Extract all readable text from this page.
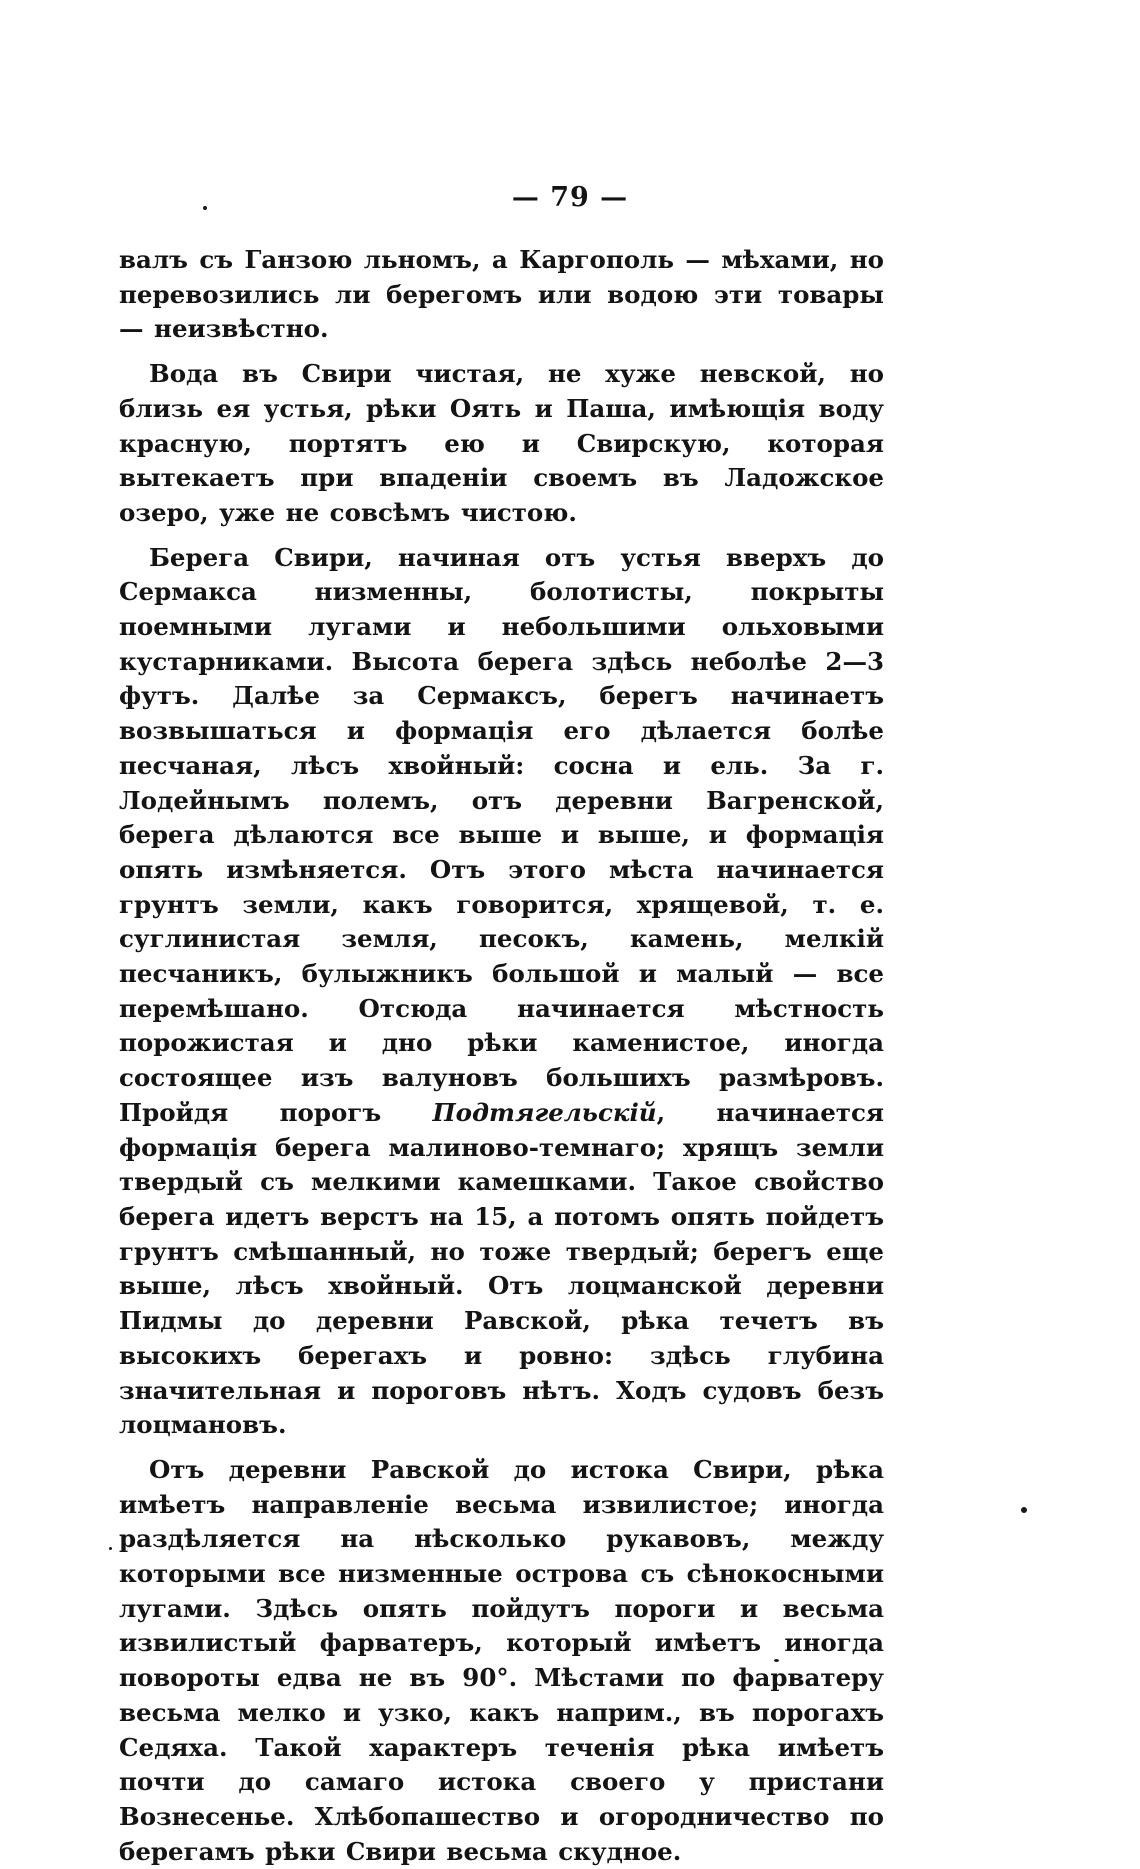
— 79 —

валъ съ Ганзою льномъ, а Каргополь — мѣхами, но перевозились ли берегомъ или водою эти товары — неизвѣстно.

Вода въ Свири чистая, не хуже невской, но близь ея устья, рѣки Оять и Паша, имѣющія воду красную, портятъ ею и Свирскую, которая вытекаетъ при впаденіи своемъ въ Ладожское озеро, уже не совсѣмъ чистою.

Берега Свири, начиная отъ устья вверхъ до Сермакса низменны, болотисты, покрыты поемными лугами и небольшими ольховыми кустарниками. Высота берега здѣсь неболѣе 2—3 футъ. Далѣе за Сермаксъ, берегъ начинаетъ возвышаться и формація его дѣлается болѣе песчаная, лѣсъ хвойный: сосна и ель. За г. Лодейнымъ полемъ, отъ деревни Вагренской, берега дѣлаются все выше и выше, и формація опять измѣняется. Отъ этого мѣста начинается грунтъ земли, какъ говорится, хрящевой, т. е. суглинистая земля, песокъ, камень, мелкій песчаникъ, булыжникъ большой и малый — все перемѣшано. Отсюда начинается мѣстность порожистая и дно рѣки каменистое, иногда состоящее изъ валуновъ большихъ размѣровъ. Пройдя порогъ Подтягельскій, начинается формація берега малиново-темнаго; хрящъ земли твердый съ мелкими камешками. Такое свойство берега идетъ верстъ на 15, а потомъ опять пойдетъ грунтъ смѣшанный, но тоже твердый; берегъ еще выше, лѣсъ хвойный. Отъ лоцманской деревни Пидмы до деревни Равской, рѣка течетъ въ высокихъ берегахъ и ровно: здѣсь глубина значительная и пороговъ нѣтъ. Ходъ судовъ безъ лоцмановъ.

Отъ деревни Равской до истока Свири, рѣка имѣетъ направленіе весьма извилистое; иногда раздѣляется на нѣсколько рукавовъ, между которыми все низменные острова съ сѣнокосными лугами. Здѣсь опять пойдутъ пороги и весьма извилистый фарватеръ, который имѣетъ иногда повороты едва не въ 90°. Мѣстами по фарватеру весьма мелко и узко, какъ наприм., въ порогахъ Седяха. Такой характеръ теченія рѣка имѣетъ почти до самаго истока своего у пристани Вознесенье. Хлѣбопашество и огородничество по берегамъ рѣки Свири весьма скудное.
